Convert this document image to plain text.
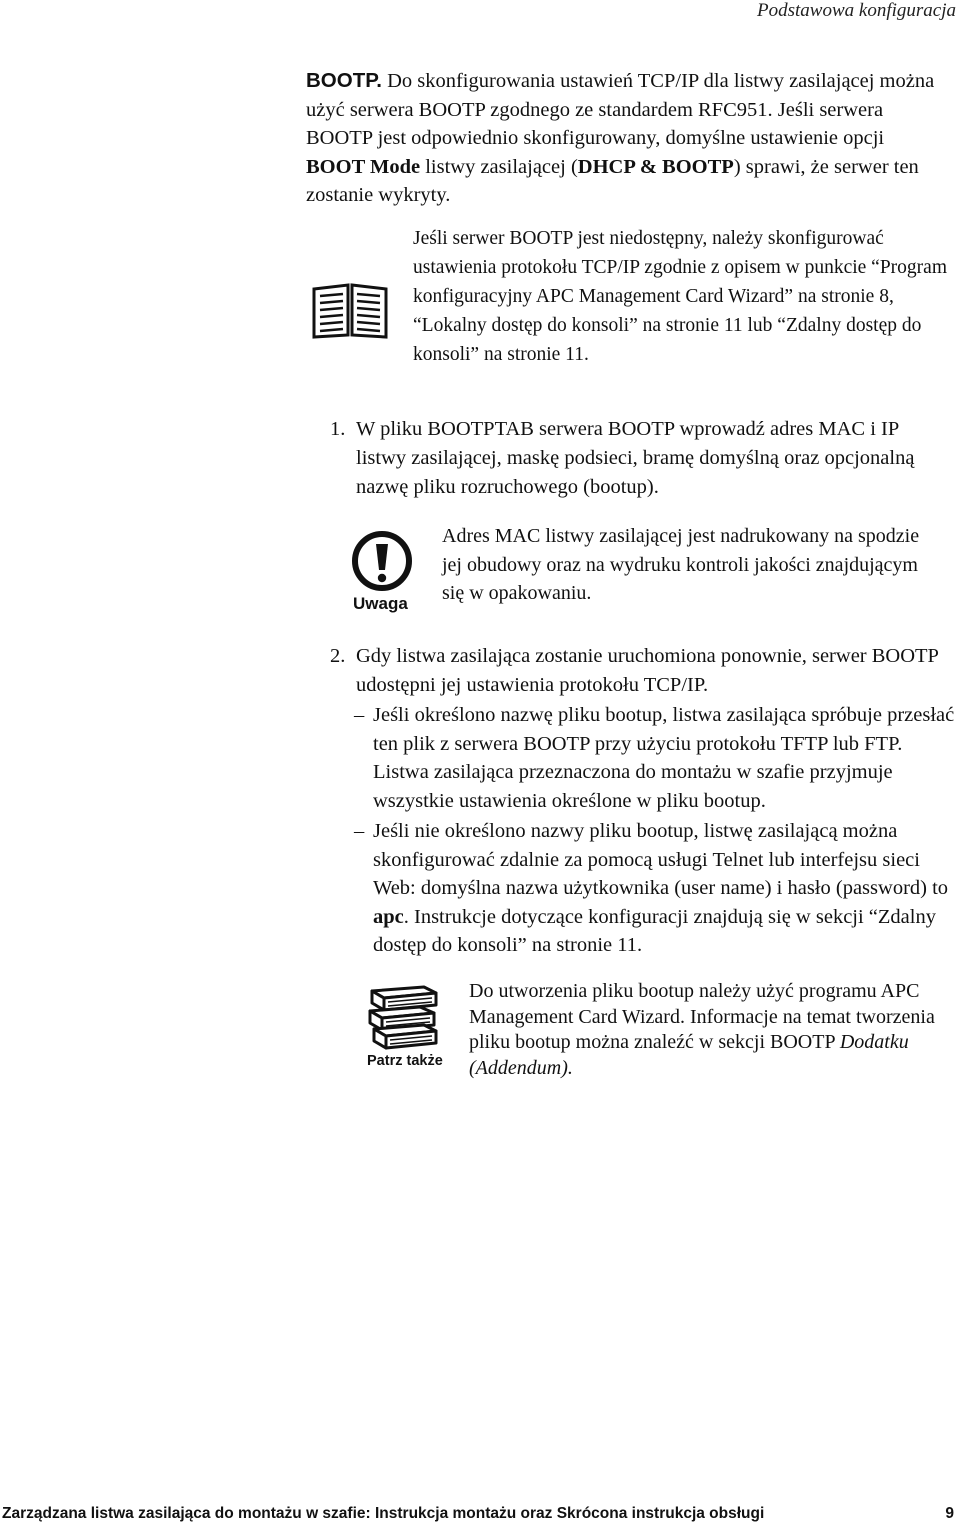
Podstawowa konfiguracja

BOOTP. Do skonfigurowania ustawień TCP/IP dla listwy zasilającej można użyć serwera BOOTP zgodnego ze standardem RFC951. Jeśli serwera BOOTP jest odpowiednio skonfigurowany, domyślne ustawienie opcji BOOT Mode listwy zasilającej (DHCP & BOOTP) sprawi, że serwer ten zostanie wykryty.

Jeśli serwer BOOTP jest niedostępny, należy skonfigurować ustawienia protokołu TCP/IP zgodnie z opisem w punkcie “Program konfiguracyjny APC Management Card Wizard” na stronie 8, “Lokalny dostęp do konsoli” na stronie 11 lub “Zdalny dostęp do konsoli” na stronie 11.

1. W pliku BOOTPTAB serwera BOOTP wprowadź adres MAC i IP listwy zasilającej, maskę podsieci, bramę domyślną oraz opcjonalną nazwę pliku rozruchowego (bootup).

Uwaga

Adres MAC listwy zasilającej jest nadrukowany na spodzie jej obudowy oraz na wydruku kontroli jakości znajdującym się w opakowaniu.

2. Gdy listwa zasilająca zostanie uruchomiona ponownie, serwer BOOTP udostępni jej ustawienia protokołu TCP/IP.

– Jeśli określono nazwę pliku bootup, listwa zasilająca spróbuje przesłać ten plik z serwera BOOTP przy użyciu protokołu TFTP lub FTP. Listwa zasilająca przeznaczona do montażu w szafie przyjmuje wszystkie ustawienia określone w pliku bootup.

– Jeśli nie określono nazwy pliku bootup, listwę zasilającą można skonfigurować zdalnie za pomocą usługi Telnet lub interfejsu sieci Web: domyślna nazwa użytkownika (user name) i hasło (password) to apc. Instrukcje dotyczące konfiguracji znajdują się w sekcji “Zdalny dostęp do konsoli” na stronie 11.

Patrz także

Do utworzenia pliku bootup należy użyć programu APC Management Card Wizard. Informacje na temat tworzenia pliku bootup można znaleźć w sekcji BOOTP Dodatku (Addendum).

Zarządzana listwa zasilająca do montażu w szafie: Instrukcja montażu oraz Skrócona instrukcja obsługi	9
